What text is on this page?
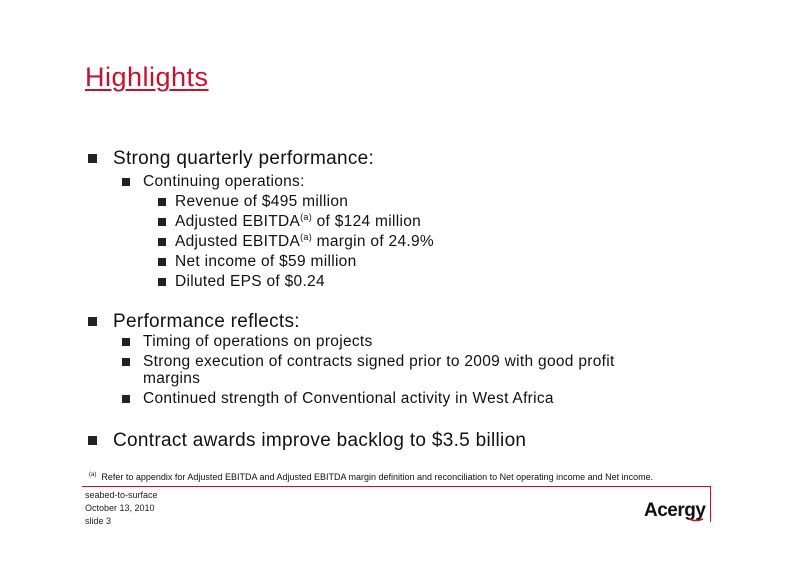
Highlights
Strong quarterly performance:
Continuing operations:
Revenue of $495 million
Adjusted EBITDA$^{(a)}$ of $124 million
Adjusted EBITDA$^{(a)}$ margin of 24.9%
Net income of $59 million
Diluted EPS of $0.24
Performance reflects:
Timing of operations on projects
Strong execution of contracts signed prior to 2009 with good profit
margins
Continued strength of Conventional activity in West Africa
Contract awards improve backlog to $3.5 billion
$^{(a)}$ Refer to appendix for Adjusted EBITDA and Adjusted EBITDA margin definition and reconciliation to Net operating income and Net income.
seabed-to-surface
October 13, 2010
slide 3	Acergy
